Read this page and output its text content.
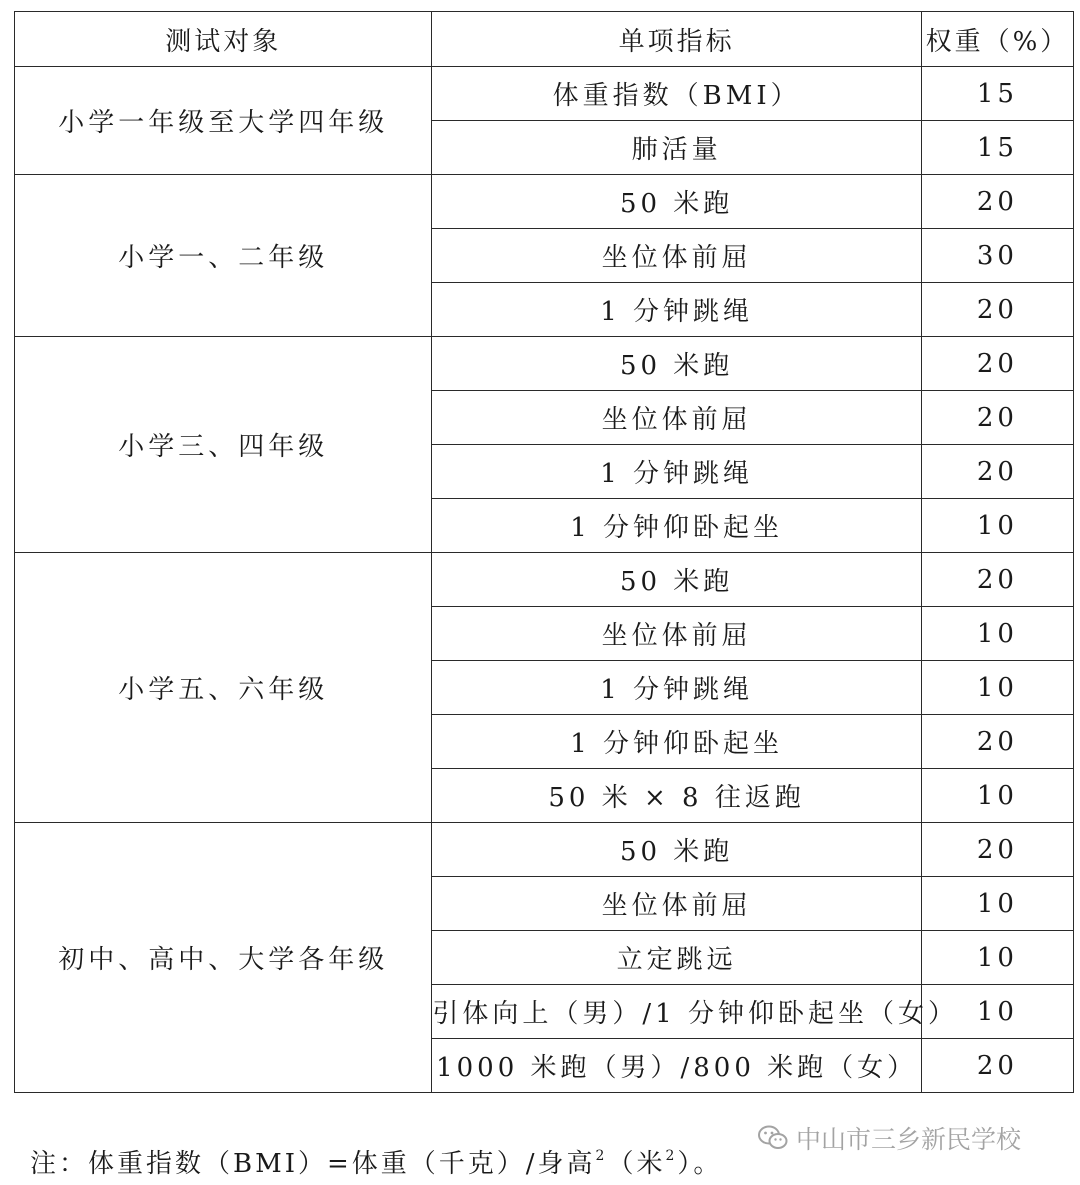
测试对象	单项指标	权重（%）
小学一年级至大学四年级	体重指数（BMI）	15
	肺活量	15
小学一、二年级	50 米跑	20
	坐位体前屈	30
	1 分钟跳绳	20
小学三、四年级	50 米跑	20
	坐位体前屈	20
	1 分钟跳绳	20
	1 分钟仰卧起坐	10
小学五、六年级	50 米跑	20
	坐位体前屈	10
	1 分钟跳绳	10
	1 分钟仰卧起坐	20
	50 米 × 8 往返跑	10
初中、高中、大学各年级	50 米跑	20
	坐位体前屈	10
	立定跳远	10
	引体向上（男）/1 分钟仰卧起坐（女）	10
	1000 米跑（男）/800 米跑（女）	20
注：体重指数（BMI）=体重（千克）/身高$^2$（米$^2$）。
中山市三乡新民学校
